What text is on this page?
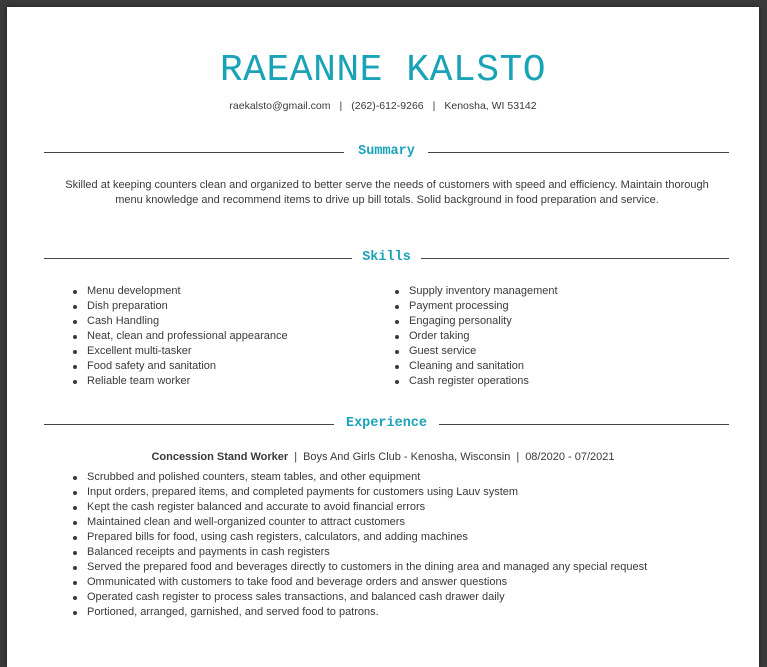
RAEANNE KALSTO
raekalsto@gmail.com | (262)-612-9266 | Kenosha, WI 53142
Summary
Skilled at keeping counters clean and organized to better serve the needs of customers with speed and efficiency. Maintain thorough menu knowledge and recommend items to drive up bill totals. Solid background in food preparation and service.
Skills
Menu development
Dish preparation
Cash Handling
Neat, clean and professional appearance
Excellent multi-tasker
Food safety and sanitation
Reliable team worker
Supply inventory management
Payment processing
Engaging personality
Order taking
Guest service
Cleaning and sanitation
Cash register operations
Experience
Concession Stand Worker | Boys And Girls Club - Kenosha, Wisconsin | 08/2020 - 07/2021
Scrubbed and polished counters, steam tables, and other equipment
Input orders, prepared items, and completed payments for customers using Lauv system
Kept the cash register balanced and accurate to avoid financial errors
Maintained clean and well-organized counter to attract customers
Prepared bills for food, using cash registers, calculators, and adding machines
Balanced receipts and payments in cash registers
Served the prepared food and beverages directly to customers in the dining area and managed any special request
Ommunicated with customers to take food and beverage orders and answer questions
Operated cash register to process sales transactions, and balanced cash drawer daily
Portioned, arranged, garnished, and served food to patrons.
